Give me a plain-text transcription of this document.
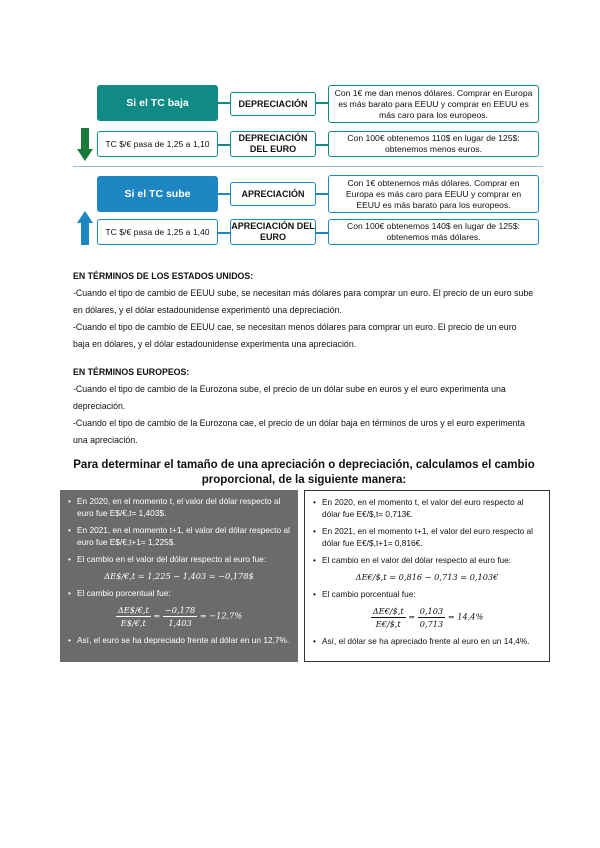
Si el TC baja	DEPRECIACIÓN
Con 1€ me dan menos dólares. Comprar en Europa es más barato para EEUU y comprar en EEUU es más caro para los europeos.
TC $/€ pasa de 1,25 a 1,10
DEPRECIACIÓN DEL EURO
Con 100€ obtenemos 110$ en lugar de 125$: obtenemos menos euros.
Si el TC sube	APRECIACIÓN
Con 1€ obtenemos más dólares. Comprar en Europa es más caro para EEUU y comprar en EEUU es más barato para los europeos.
TC $/€ pasa de 1,25 a 1,40
APRECIACIÓN DEL EURO
Con 100€ obtenemos 140$ en lugar de 125$: obtenemos más dólares.
EN TÉRMINOS DE LOS ESTADOS UNIDOS:
-Cuando el tipo de cambio de EEUU sube, se necesitan más dólares para comprar un euro. El precio de un euro sube en dólares, y el dólar estadounidense experimentó una depreciación.
-Cuando el tipo de cambio de EEUU cae, se necesitan menos dólares para comprar un euro. El precio de un euro baja en dólares, y el dólar estadounidense experimenta una apreciación.
EN TÉRMINOS EUROPEOS:
-Cuando el tipo de cambio de la Eurozona sube, el precio de un dólar sube en euros y el euro experimenta una depreciación.
-Cuando el tipo de cambio de la Eurozona cae, el precio de un dólar baja en términos de uros y el euro experimenta una apreciación.
Para determinar el tamaño de una apreciación o depreciación, calculamos el cambio
proporcional, de la siguiente manera:
• En 2020, en el momento t, el valor del dólar respecto al euro fue E$/€,t= 1,403$.
• En 2021, en el momento t+1, el valor del dólar respecto al euro fue E$/€,t+1= 1,225$.
• El cambio en el valor del dólar respecto al euro fue:
ΔE$/€,t = 1,225 − 1,403 = −0,178$
• El cambio porcentual fue:
$\frac{\Delta E\$/€,t}{E\$/€,t} = \frac{-0,178}{1,403} = -12,7\%$
• Así, el euro se ha depreciado frente al dólar en un 12,7%.
• En 2020, en el momento t, el valor del euro respecto al dólar fue E€/$,t= 0,713€.
• En 2021, en el momento t+1, el valor del euro respecto al dólar fue E€/$,t+1= 0,816€.
• El cambio en el valor del dólar respecto al euro fue:
ΔE€/$,t = 0,816 − 0,713 = 0,103€
• El cambio porcentual fue:
$\frac{\Delta E€/\$,t}{E€/\$,t} = \frac{0,103}{0,713} = 14,4\%$
• Así, el dólar se ha apreciado frente al euro en un 14,4%.
